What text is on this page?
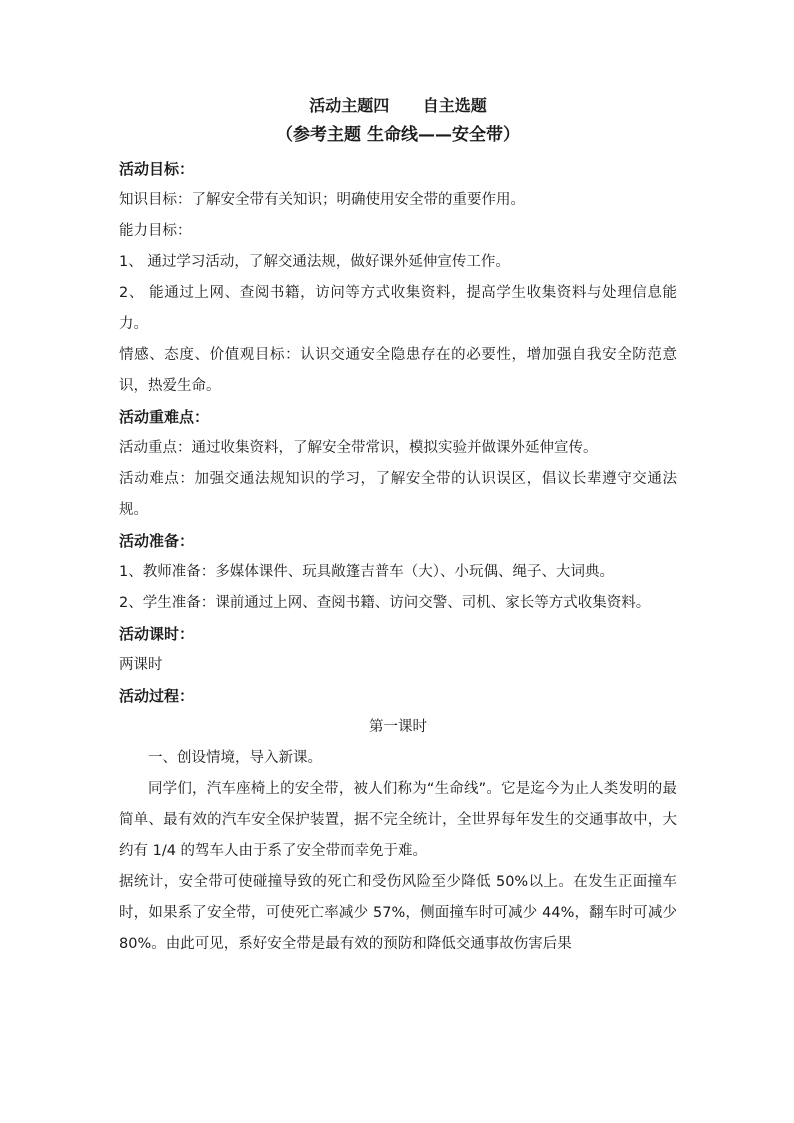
活动主题四      自主选题
（参考主题 生命线——安全带）
活动目标：
知识目标：了解安全带有关知识；明确使用安全带的重要作用。
能力目标：
1、 通过学习活动，了解交通法规，做好课外延伸宣传工作。
2、 能通过上网、查阅书籍，访问等方式收集资料，提高学生收集资料与处理信息能力。
情感、态度、价值观目标：认识交通安全隐患存在的必要性，增加强自我安全防范意识，热爱生命。
活动重难点：
活动重点：通过收集资料，了解安全带常识，模拟实验并做课外延伸宣传。
活动难点：加强交通法规知识的学习，了解安全带的认识误区，倡议长辈遵守交通法规。
活动准备：
1、教师准备：多媒体课件、玩具敞篷吉普车（大）、小玩偶、绳子、大词典。
2、学生准备：课前通过上网、查阅书籍、访问交警、司机、家长等方式收集资料。
活动课时：
两课时
活动过程：
第一课时
一、创设情境，导入新课。
同学们，汽车座椅上的安全带，被人们称为“生命线”。它是迄今为止人类发明的最简单、最有效的汽车安全保护装置，据不完全统计，全世界每年发生的交通事故中，大约有 1/4 的驾车人由于系了安全带而幸免于难。
据统计，安全带可使碰撞导致的死亡和受伤风险至少降低 50%以上。在发生正面撞车时，如果系了安全带，可使死亡率减少 57%，侧面撞车时可减少 44%，翻车时可减少 80%。由此可见，系好安全带是最有效的预防和降低交通事故伤害后果
